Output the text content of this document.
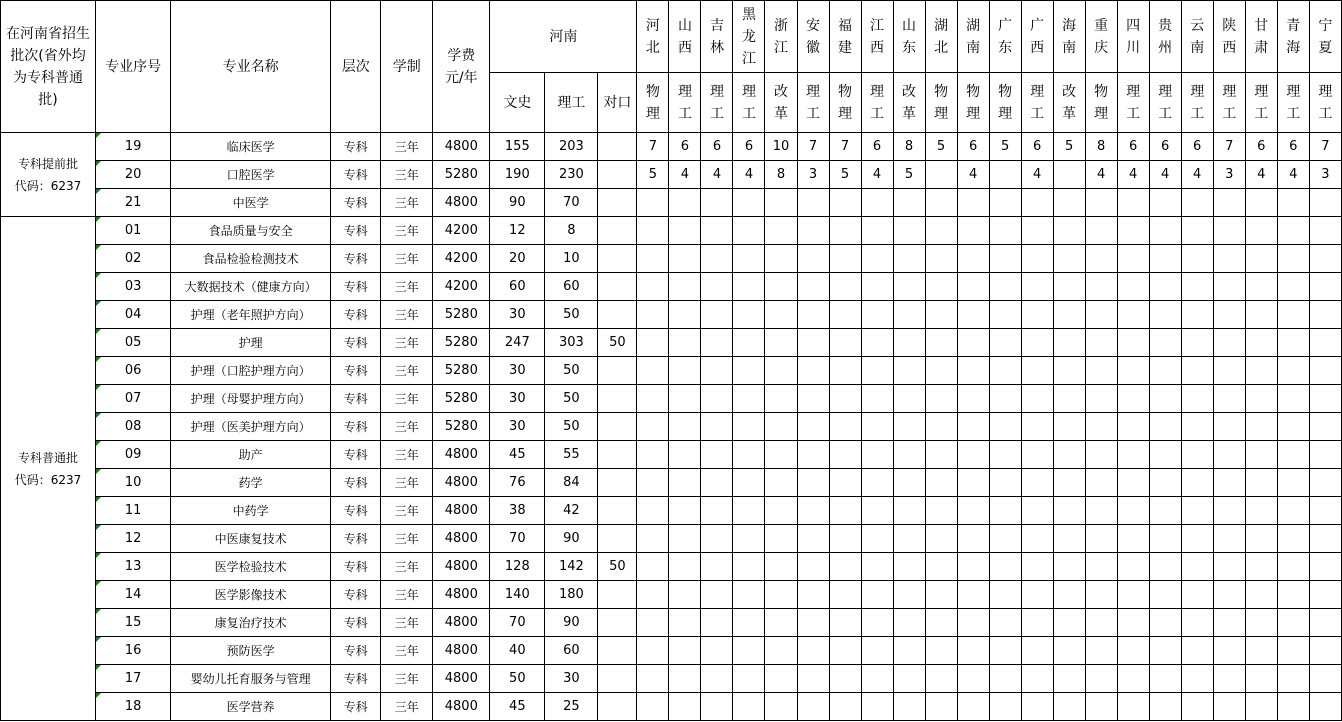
在河南省招生批次(省外均为专科普通批)	专业序号	专业名称	层次	学制	学费元/年	河南			河北	山西	吉林	黑龙江	浙江	安徽	福建	江西	山东	湖北	湖南	广东	广西	海南	重庆	四川	贵州	云南	陕西	甘肃	青海	宁夏
						文史	理工	对口	物理	理工	理工	理工	改革	理工	物理	理工	改革	物理	物理	物理	理工	改革	物理	理工	理工	理工	理工	理工	理工	理工
专科提前批
代码：6237	19	临床医学	专科	三年	4800	155	203		7	6	6	6	10	7	7	6	8	5	6	5	6	5	8	6	6	6	7	6	6	7
	20	口腔医学	专科	三年	5280	190	230		5	4	4	4	8	3	5	4	5		4		4		4	4	4	4	3	4	4	3
	21	中医学	专科	三年	4800	90	70																							
专科普通批
代码：6237	01	食品质量与安全	专科	三年	4200	12	8																							
	02	食品检验检测技术	专科	三年	4200	20	10																							
	03	大数据技术（健康方向）	专科	三年	4200	60	60																							
	04	护理（老年照护方向）	专科	三年	5280	30	50																							
	05	护理	专科	三年	5280	247	303	50																						
	06	护理（口腔护理方向）	专科	三年	5280	30	50																							
	07	护理（母婴护理方向）	专科	三年	5280	30	50																							
	08	护理（医美护理方向）	专科	三年	5280	30	50																							
	09	助产	专科	三年	4800	45	55																							
	10	药学	专科	三年	4800	76	84																							
	11	中药学	专科	三年	4800	38	42																							
	12	中医康复技术	专科	三年	4800	70	90																							
	13	医学检验技术	专科	三年	4800	128	142	50																						
	14	医学影像技术	专科	三年	4800	140	180																							
	15	康复治疗技术	专科	三年	4800	70	90																							
	16	预防医学	专科	三年	4800	40	60																							
	17	婴幼儿托育服务与管理	专科	三年	4800	50	30																							
	18	医学营养	专科	三年	4800	45	25																							
